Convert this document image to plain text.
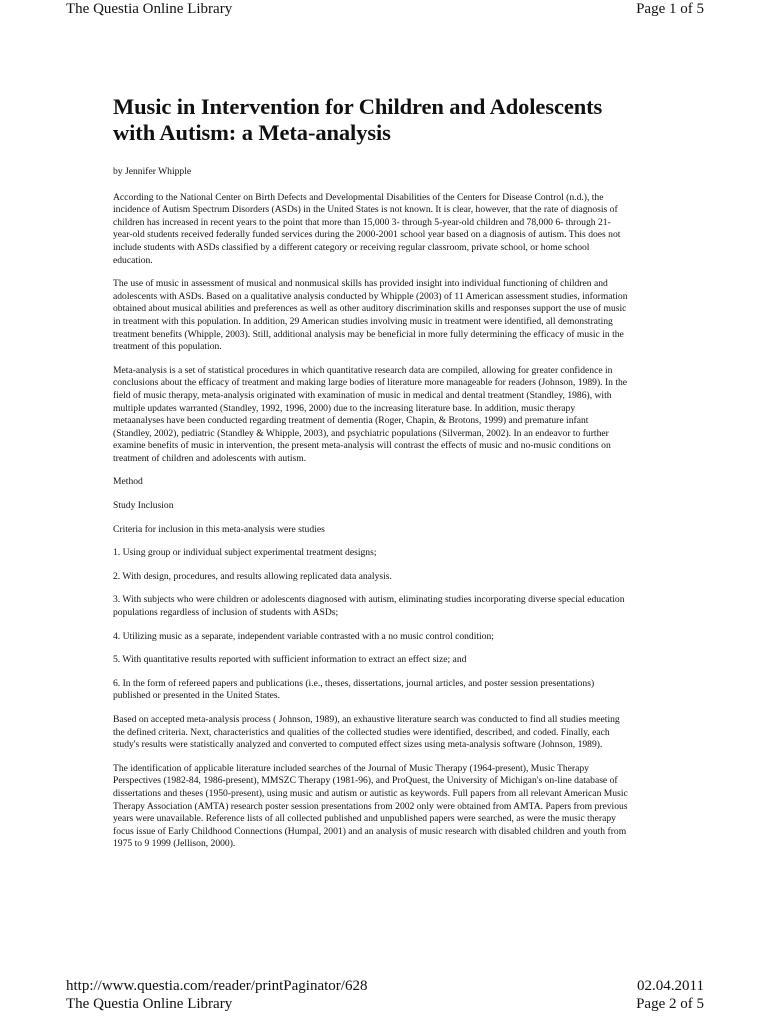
The Questia Online Library	Page 1 of 5
Music in Intervention for Children and Adolescents with Autism: a Meta-analysis

by Jennifer Whipple

According to the National Center on Birth Defects and Developmental Disabilities of the Centers for Disease Control (n.d.), the incidence of Autism Spectrum Disorders (ASDs) in the United States is not known. It is clear, however, that the rate of diagnosis of children has increased in recent years to the point that more than 15,000 3- through 5-year-old children and 78,000 6- through 21-year-old students received federally funded services during the 2000-2001 school year based on a diagnosis of autism. This does not include students with ASDs classified by a different category or receiving regular classroom, private school, or home school education.

The use of music in assessment of musical and nonmusical skills has provided insight into individual functioning of children and adolescents with ASDs. Based on a qualitative analysis conducted by Whipple (2003) of 11 American assessment studies, information obtained about musical abilities and preferences as well as other auditory discrimination skills and responses support the use of music in treatment with this population. In addition, 29 American studies involving music in treatment were identified, all demonstrating treatment benefits (Whipple, 2003). Still, additional analysis may be beneficial in more fully determining the efficacy of music in the treatment of this population.

Meta-analysis is a set of statistical procedures in which quantitative research data are compiled, allowing for greater confidence in conclusions about the efficacy of treatment and making large bodies of literature more manageable for readers (Johnson, 1989). In the field of music therapy, meta-analysis originated with examination of music in medical and dental treatment (Standley, 1986), with multiple updates warranted (Standley, 1992, 1996, 2000) due to the increasing literature base. In addition, music therapy metaanalyses have been conducted regarding treatment of dementia (Roger, Chapin, & Brotons, 1999) and premature infant (Standley, 2002), pediatric (Standley & Whipple, 2003), and psychiatric populations (Silverman, 2002). In an endeavor to further examine benefits of music in intervention, the present meta-analysis will contrast the effects of music and no-music conditions on treatment of children and adolescents with autism.

Method

Study Inclusion

Criteria for inclusion in this meta-analysis were studies

1. Using group or individual subject experimental treatment designs;

2. With design, procedures, and results allowing replicated data analysis.

3. With subjects who were children or adolescents diagnosed with autism, eliminating studies incorporating diverse special education populations regardless of inclusion of students with ASDs;

4. Utilizing music as a separate, independent variable contrasted with a no music control condition;

5. With quantitative results reported with sufficient information to extract an effect size; and

6. In the form of refereed papers and publications (i.e., theses, dissertations, journal articles, and poster session presentations) published or presented in the United States.

Based on accepted meta-analysis process ( Johnson, 1989), an exhaustive literature search was conducted to find all studies meeting the defined criteria. Next, characteristics and qualities of the collected studies were identified, described, and coded. Finally, each study's results were statistically analyzed and converted to computed effect sizes using meta-analysis software (Johnson, 1989).

The identification of applicable literature included searches of the Journal of Music Therapy (1964-present), Music Therapy Perspectives (1982-84, 1986-present), MMSZC Therapy (1981-96), and ProQuest, the University of Michigan's on-line database of dissertations and theses (1950-present), using music and autism or autistic as keywords. Full papers from all relevant American Music Therapy Association (AMTA) research poster session presentations from 2002 only were obtained from AMTA. Papers from previous years were unavailable. Reference lists of all collected published and unpublished papers were searched, as were the music therapy focus issue of Early Childhood Connections (Humpal, 2001) and an analysis of music research with disabled children and youth from 1975 to 9 1999 (Jellison, 2000).

http://www.questia.com/reader/printPaginator/628	02.04.2011
The Questia Online Library	Page 2 of 5
